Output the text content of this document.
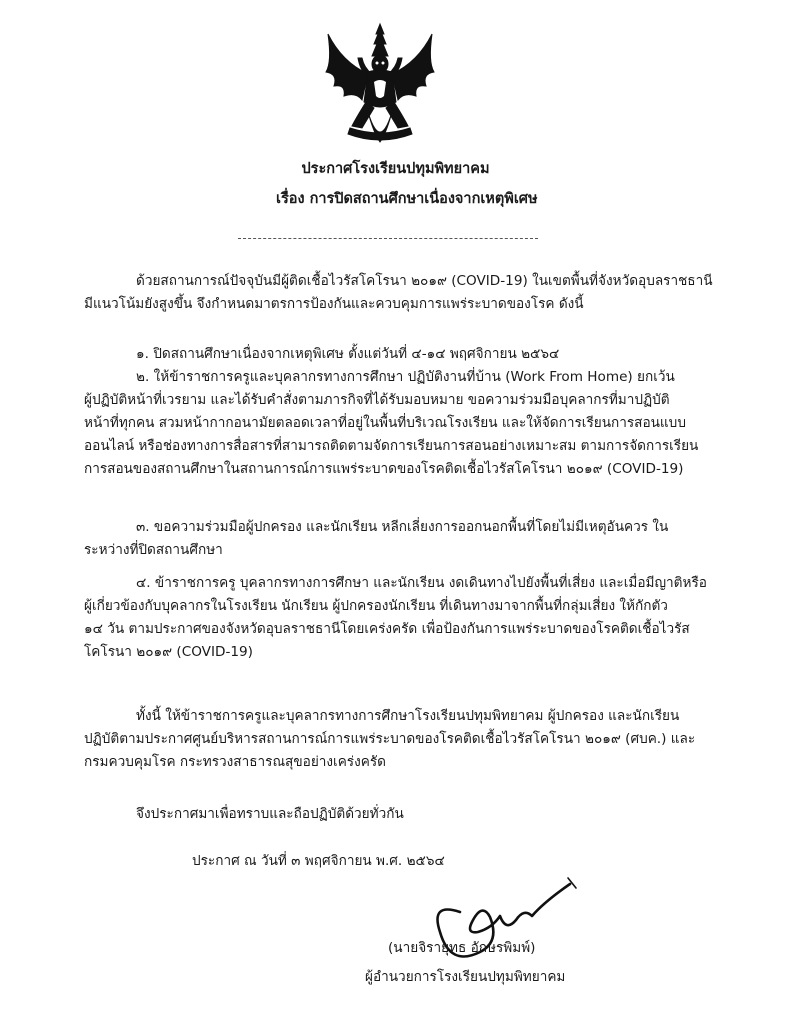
ประกาศโรงเรียนปทุมพิทยาคม
เรื่อง การปิดสถานศึกษาเนื่องจากเหตุพิเศษ

ด้วยสถานการณ์ปัจจุบันมีผู้ติดเชื้อไวรัสโคโรนา ๒๐๑๙ (COVID-19) ในเขตพื้นที่จังหวัดอุบลราชธานี
มีแนวโน้มยังสูงขึ้น จึงกำหนดมาตรการป้องกันและควบคุมการแพร่ระบาดของโรค ดังนี้

๑. ปิดสถานศึกษาเนื่องจากเหตุพิเศษ ตั้งแต่วันที่ ๔-๑๔ พฤศจิกายน ๒๕๖๔

๒. ให้ข้าราชการครูและบุคลากรทางการศึกษา ปฏิบัติงานที่บ้าน (Work From Home) ยกเว้น
ผู้ปฏิบัติหน้าที่เวรยาม และได้รับคำสั่งตามภารกิจที่ได้รับมอบหมาย ขอความร่วมมือบุคลากรที่มาปฏิบัติ
หน้าที่ทุกคน สวมหน้ากากอนามัยตลอดเวลาที่อยู่ในพื้นที่บริเวณโรงเรียน และให้จัดการเรียนการสอนแบบ
ออนไลน์ หรือช่องทางการสื่อสารที่สามารถติดตามจัดการเรียนการสอนอย่างเหมาะสม ตามการจัดการเรียน
การสอนของสถานศึกษาในสถานการณ์การแพร่ระบาดของโรคติดเชื้อไวรัสโคโรนา ๒๐๑๙ (COVID-19)

๓. ขอความร่วมมือผู้ปกครอง และนักเรียน หลีกเลี่ยงการออกนอกพื้นที่โดยไม่มีเหตุอันควร ใน
ระหว่างที่ปิดสถานศึกษา

๔. ข้าราชการครู บุคลากรทางการศึกษา และนักเรียน งดเดินทางไปยังพื้นที่เสี่ยง และเมื่อมีญาติหรือ
ผู้เกี่ยวข้องกับบุคลากรในโรงเรียน นักเรียน ผู้ปกครองนักเรียน ที่เดินทางมาจากพื้นที่กลุ่มเสี่ยง ให้กักตัว
๑๔ วัน ตามประกาศของจังหวัดอุบลราชธานีโดยเคร่งครัด เพื่อป้องกันการแพร่ระบาดของโรคติดเชื้อไวรัส
โคโรนา ๒๐๑๙ (COVID-19)

ทั้งนี้ ให้ข้าราชการครูและบุคลากรทางการศึกษาโรงเรียนปทุมพิทยาคม ผู้ปกครอง และนักเรียน
ปฏิบัติตามประกาศศูนย์บริหารสถานการณ์การแพร่ระบาดของโรคติดเชื้อไวรัสโคโรนา ๒๐๑๙ (ศบค.) และ
กรมควบคุมโรค กระทรวงสาธารณสุขอย่างเคร่งครัด

จึงประกาศมาเพื่อทราบและถือปฏิบัติด้วยทั่วกัน

ประกาศ ณ วันที่ ๓ พฤศจิกายน พ.ศ. ๒๕๖๔
(นายจิรายุทธ อักษรพิมพ์)
ผู้อำนวยการโรงเรียนปทุมพิทยาคม
